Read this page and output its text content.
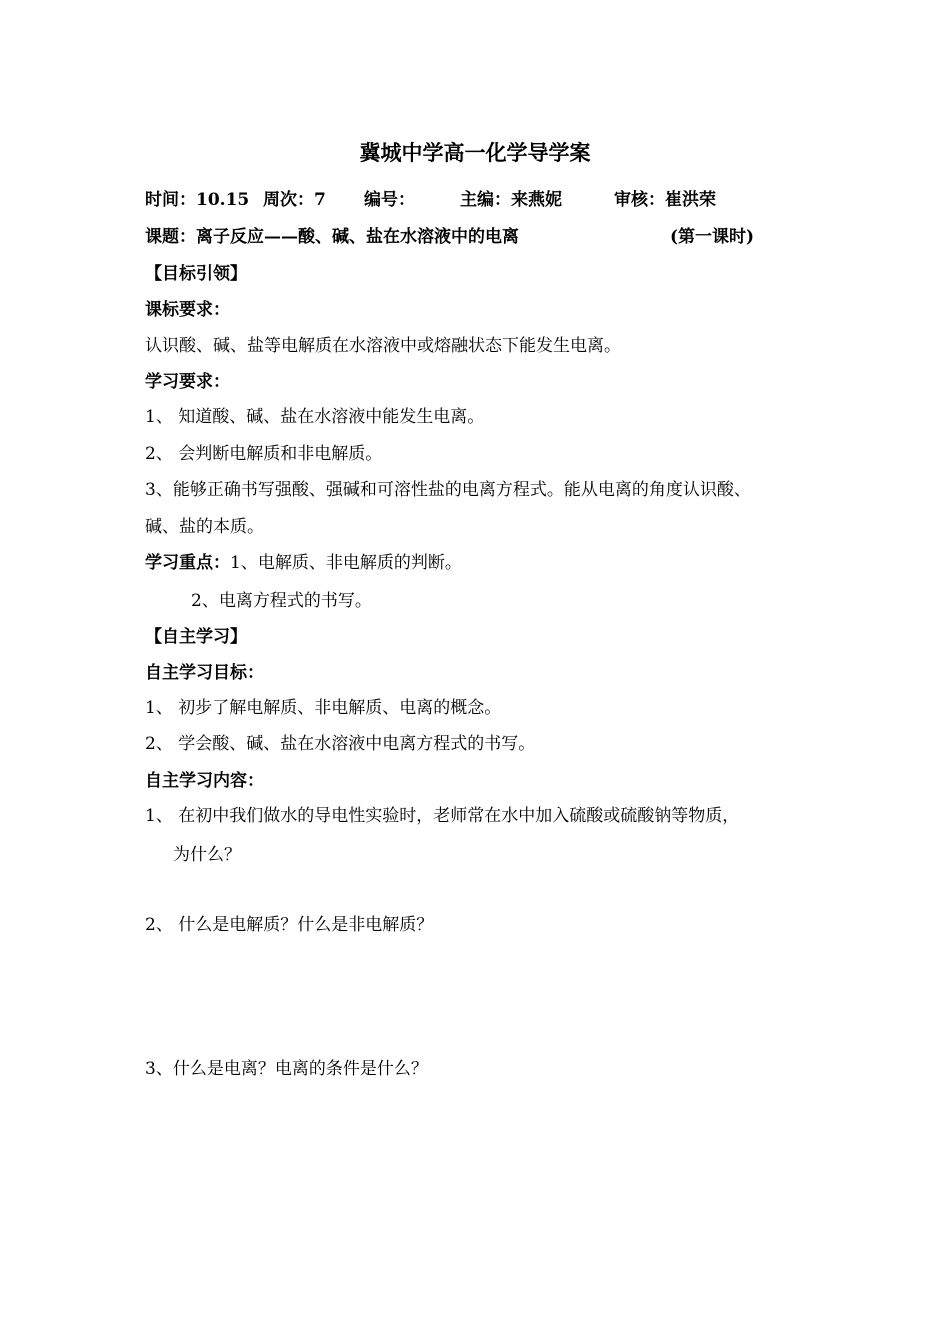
冀城中学高一化学导学案
时间：10.15 周次：7 编号：	主编：来燕妮	审核：崔洪荣
课题：离子反应——酸、碱、盐在水溶液中的电离	(第一课时)
【目标引领】
课标要求：
认识酸、碱、盐等电解质在水溶液中或熔融状态下能发生电离。
学习要求：
1、 知道酸、碱、盐在水溶液中能发生电离。
2、 会判断电解质和非电解质。
3、能够正确书写强酸、强碱和可溶性盐的电离方程式。能从电离的角度认识酸、
碱、盐的本质。
学习重点：1、电解质、非电解质的判断。
2、电离方程式的书写。
【自主学习】
自主学习目标：
1、 初步了解电解质、非电解质、电离的概念。
2、 学会酸、碱、盐在水溶液中电离方程式的书写。
自主学习内容：
1、 在初中我们做水的导电性实验时，老师常在水中加入硫酸或硫酸钠等物质，
为什么？
2、 什么是电解质？什么是非电解质？
3、什么是电离？电离的条件是什么？
